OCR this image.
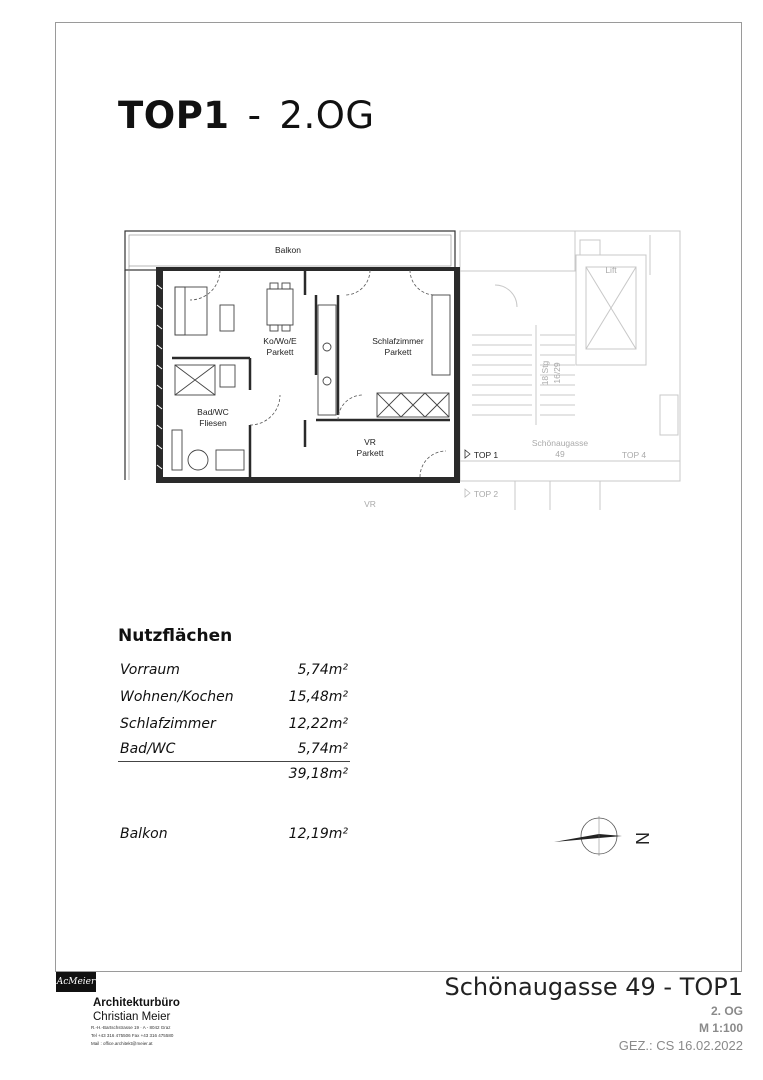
TOP1 - 2.OG
Balkon
Ko/Wo/E
Parkett
Schlafzimmer
Parkett
Bad/WC
Fliesen
VR
Parkett
Lift
18 Stg 16/29
Schönaugasse
49
TOP 1	TOP 4
TOP 2
VR
Nutzflächen
Vorraum	5,74m²
Wohnen/Kochen	15,48m²
Schlafzimmer	12,22m²
Bad/WC	5,74m²
39,18m²
Balkon	12,19m²	N
AcMeier
Architekturbüro
Christian Meier
R.-H.-Bartschstrasse 19 · A - 8042 Graz
Tel +43 316 475506 Fax +43 316 475580
Mail : office.architekt@meier.at
Schönaugasse 49 - TOP1
2. OG
M 1:100
GEZ.: CS 16.02.2022
